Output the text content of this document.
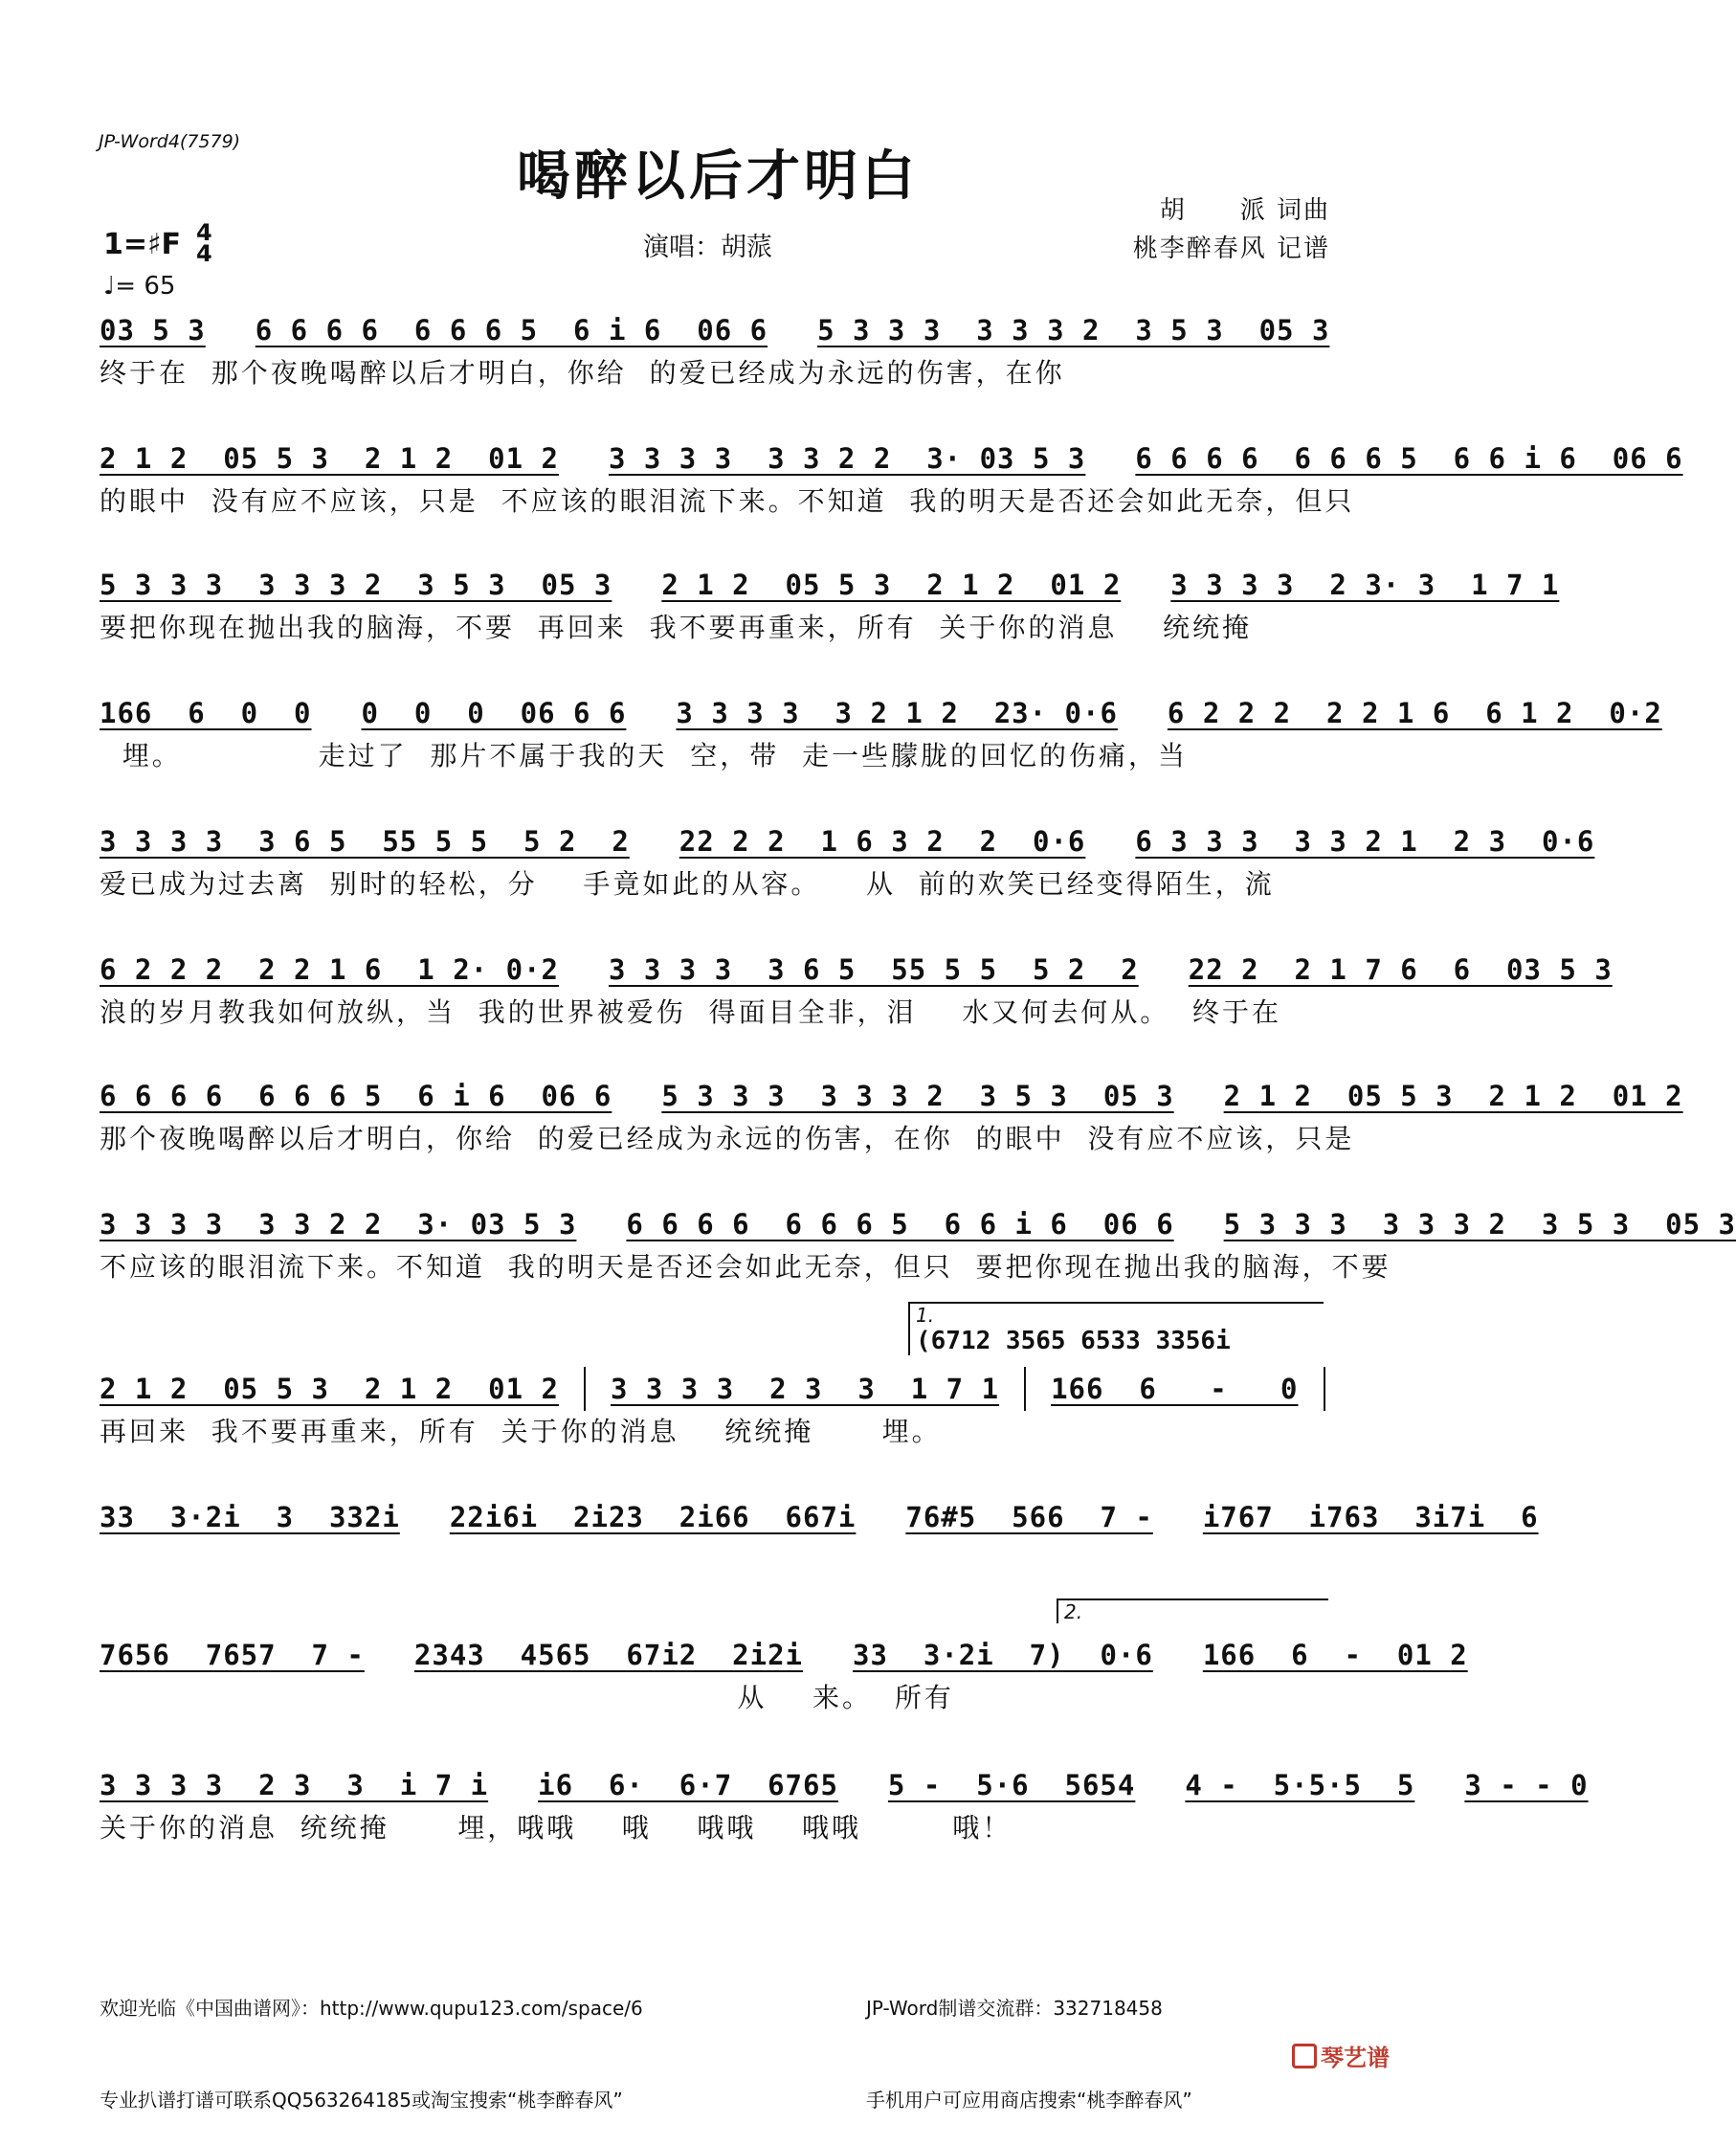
JP-Word4(7579)
喝醉以后才明白
胡　　派 词曲
桃李醉春风 记谱
演唱：胡蒎
1=♯F 4
4
♩= 65
03 5 3 6 6 6 6  6 6 6 5  6 i 6  06 6 5 3 3 3  3 3 3 2  3 5 3  05 3
终于在  那个夜晚喝醉以后才明白，你给  的爱已经成为永远的伤害，在你
2 1 2  05 5 3  2 1 2  01 2 3 3 3 3  3 3 2 2  3· 03 5 3 6 6 6 6  6 6 6 5  6 6 i 6  06 6
的眼中  没有应不应该，只是  不应该的眼泪流下来。不知道  我的明天是否还会如此无奈，但只
5 3 3 3  3 3 3 2  3 5 3  05 3 2 1 2  05 5 3  2 1 2  01 2 3 3 3 3  2 3· 3  1 7 1
要把你现在抛出我的脑海，不要  再回来  我不要再重来，所有  关于你的消息    统统掩
166  6  0  0 0  0  0  06 6 6 3 3 3 3  3 2 1 2  23· 0·6 6 2 2 2  2 2 1 6  6 1 2  0·2
埋。            走过了  那片不属于我的天  空，带  走一些朦胧的回忆的伤痛，当
3 3 3 3  3 6 5  55 5 5  5 2  2 22 2 2  1 6 3 2  2  0·6 6 3 3 3  3 3 2 1  2 3  0·6
爱已成为过去离  别时的轻松，分    手竟如此的从容。    从  前的欢笑已经变得陌生，流
6 2 2 2  2 2 1 6  1 2· 0·2 3 3 3 3  3 6 5  55 5 5  5 2  2 22 2  2 1 7 6  6  03 5 3
浪的岁月教我如何放纵，当  我的世界被爱伤  得面目全非，泪    水又何去何从。  终于在
6 6 6 6  6 6 6 5  6 i 6  06 6 5 3 3 3  3 3 3 2  3 5 3  05 3 2 1 2  05 5 3  2 1 2  01 2
那个夜晚喝醉以后才明白，你给  的爱已经成为永远的伤害，在你  的眼中  没有应不应该，只是
3 3 3 3  3 3 2 2  3· 03 5 3 6 6 6 6  6 6 6 5  6 6 i 6  06 6 5 3 3 3  3 3 3 2  3 5 3  05 3
不应该的眼泪流下来。不知道  我的明天是否还会如此无奈，但只  要把你现在抛出我的脑海，不要
2 1 2  05 5 3  2 1 2  01 2 3 3 3 3  2 3  3  1 7 1 166  6   -   0
再回来  我不要再重来，所有  关于你的消息    统统掩      埋。
33  3·2i  3  332i 22i6i  2i23  2i66  667i 76#5  566  7 - i767  i763  3i7i  6
7656  7657  7 - 2343  4565  67i2  2i2i 33  3·2i  7)  0·6 166  6  -  01 2
从    来。  所有
3 3 3 3  2 3  3  i 7 i i6  6·  6·7  6765 5 -  5·6  5654 4 -  5·5·5  5 3 - - 0
关于你的消息  统统掩      埋，哦哦    哦    哦哦    哦哦        哦！
1.
(6712 3565 6533 3356i
2.

欢迎光临《中国曲谱网》：http://www.qupu123.com/space/6

专业扒谱打谱可联系QQ563264185或淘宝搜索“桃李醉春风”

JP-Word制谱交流群：332718458

手机用户可应用商店搜索“桃李醉春风”

琴艺谱
